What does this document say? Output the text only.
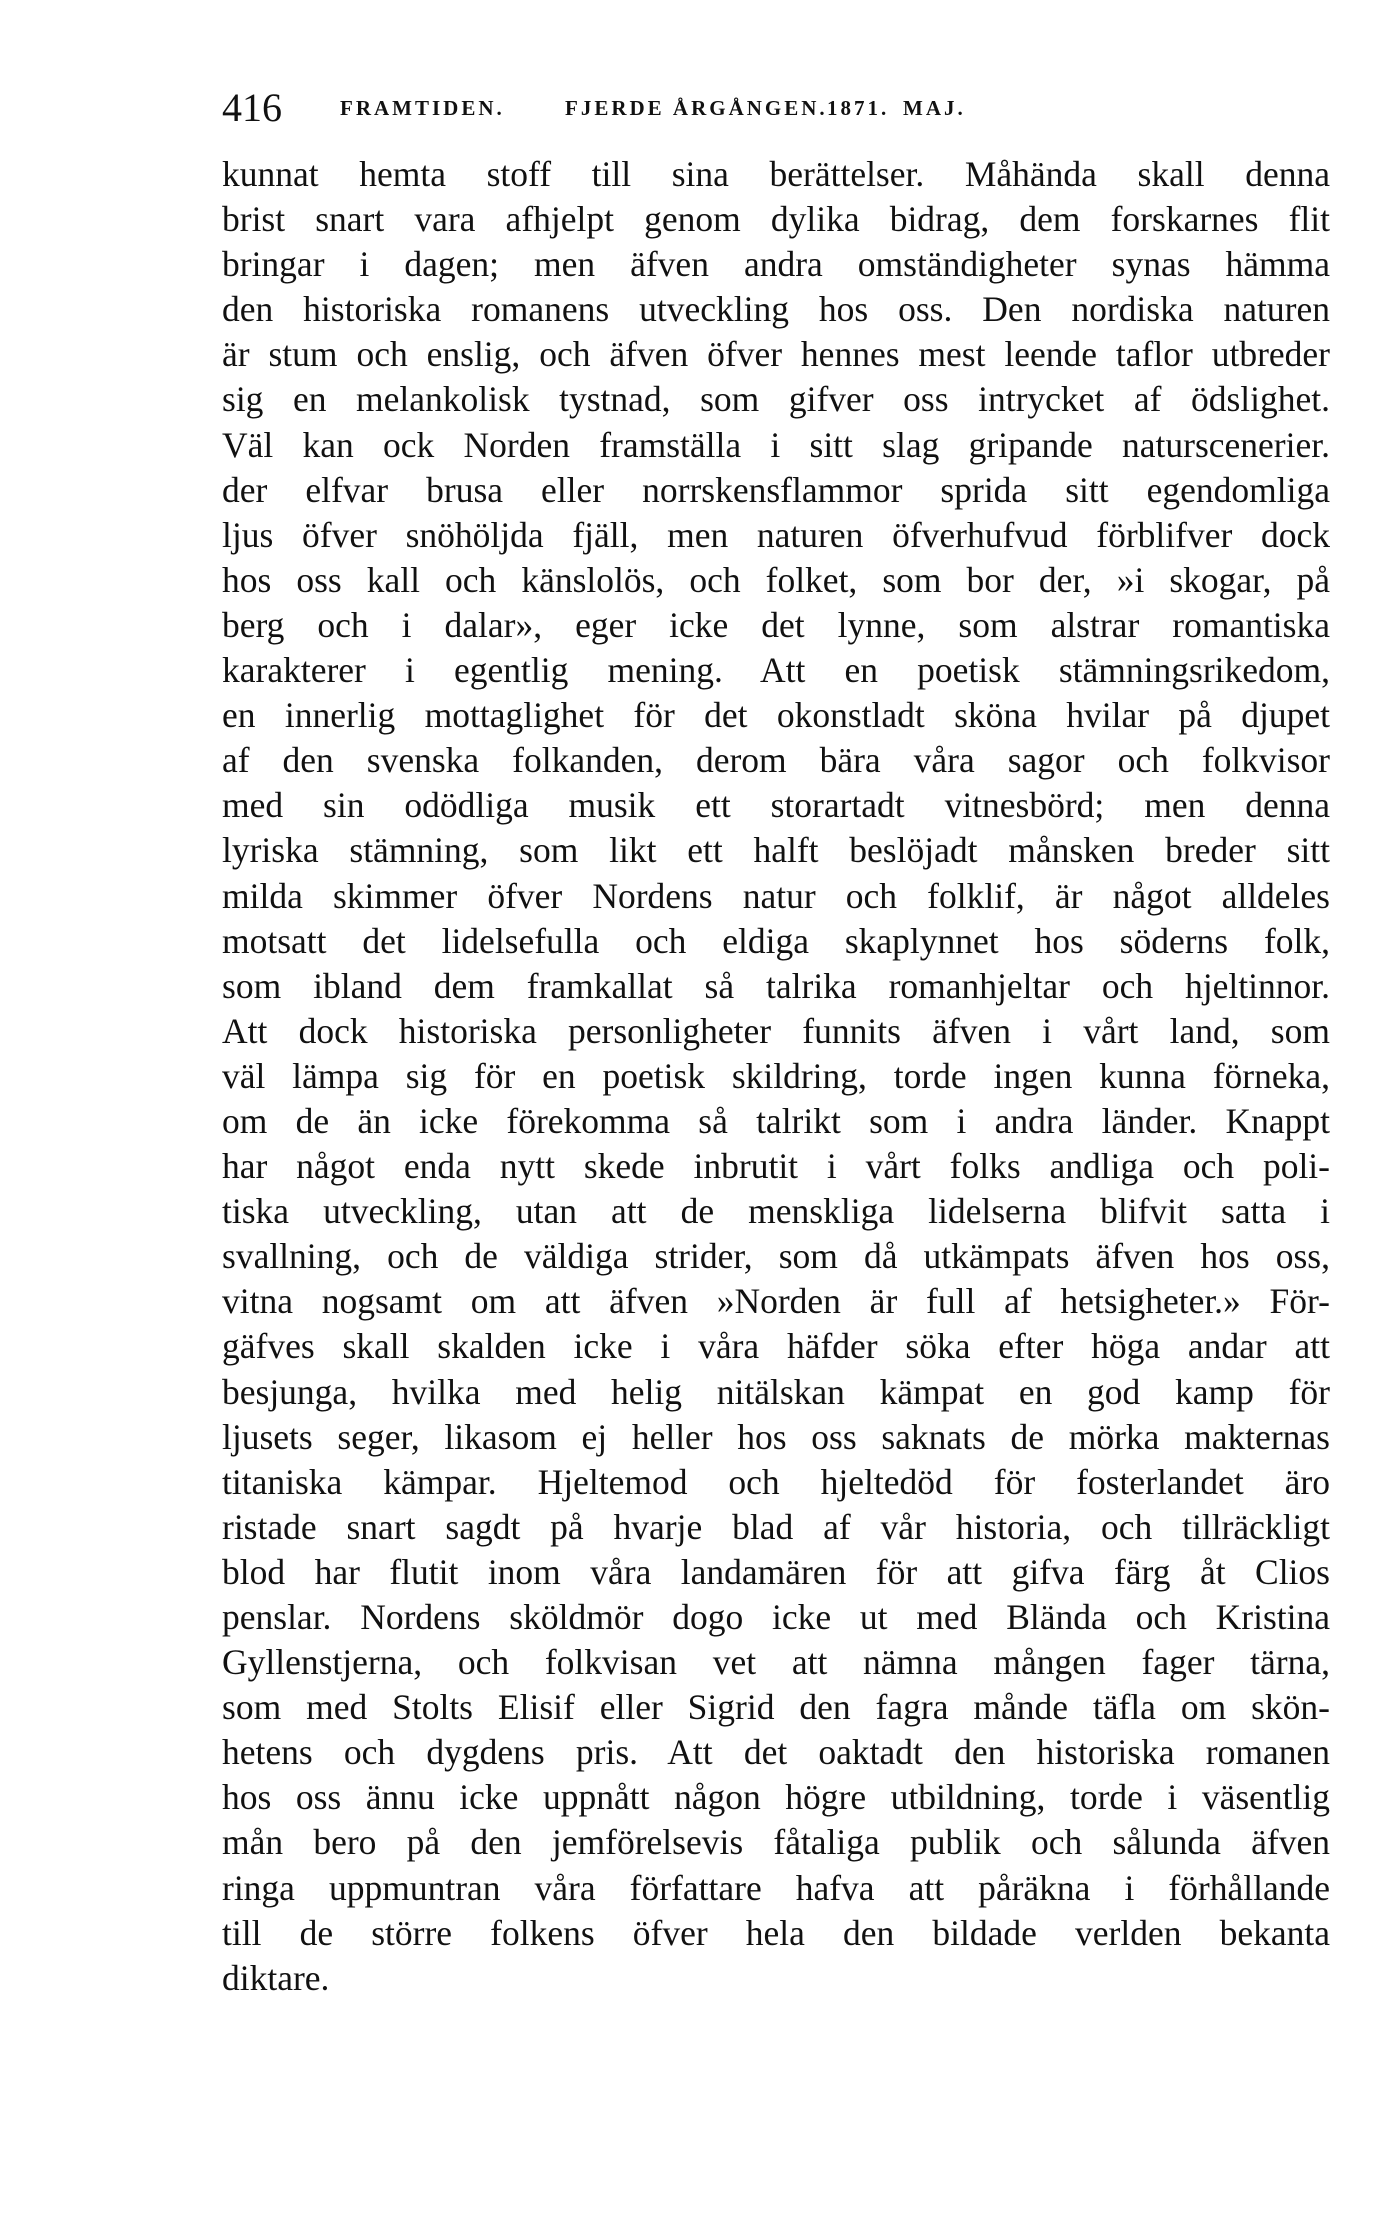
416	FRAMTIDEN.	FJERDE ÅRGÅNGEN. 1871. MAJ.
kunnat hemta stoff till sina berättelser. Måhända skall denna
brist snart vara afhjelpt genom dylika bidrag, dem forskarnes flit
bringar i dagen; men äfven andra omständigheter synas hämma
den historiska romanens utveckling hos oss. Den nordiska naturen
är stum och enslig, och äfven öfver hennes mest leende taflor utbreder
sig en melankolisk tystnad, som gifver oss intrycket af ödslighet.
Väl kan ock Norden framställa i sitt slag gripande naturscenerier.
der elfvar brusa eller norrskensflammor sprida sitt egendomliga
ljus öfver snöhöljda fjäll, men naturen öfverhufvud förblifver dock
hos oss kall och känslolös, och folket, som bor der, »i skogar, på
berg och i dalar», eger icke det lynne, som alstrar romantiska
karakterer i egentlig mening. Att en poetisk stämningsrikedom,
en innerlig mottaglighet för det okonstladt sköna hvilar på djupet
af den svenska folkanden, derom bära våra sagor och folkvisor
med sin odödliga musik ett storartadt vitnesbörd; men denna
lyriska stämning, som likt ett halft beslöjadt månsken breder sitt
milda skimmer öfver Nordens natur och folklif, är något alldeles
motsatt det lidelsefulla och eldiga skaplynnet hos söderns folk,
som ibland dem framkallat så talrika romanhjeltar och hjeltinnor.
Att dock historiska personligheter funnits äfven i vårt land, som
väl lämpa sig för en poetisk skildring, torde ingen kunna förneka,
om de än icke förekomma så talrikt som i andra länder. Knappt
har något enda nytt skede inbrutit i vårt folks andliga och poli-
tiska utveckling, utan att de menskliga lidelserna blifvit satta i
svallning, och de väldiga strider, som då utkämpats äfven hos oss,
vitna nogsamt om att äfven »Norden är full af hetsigheter.» För-
gäfves skall skalden icke i våra häfder söka efter höga andar att
besjunga, hvilka med helig nitälskan kämpat en god kamp för
ljusets seger, likasom ej heller hos oss saknats de mörka makternas
titaniska kämpar. Hjeltemod och hjeltedöd för fosterlandet äro
ristade snart sagdt på hvarje blad af vår historia, och tillräckligt
blod har flutit inom våra landamären för att gifva färg åt Clios
penslar. Nordens sköldmör dogo icke ut med Blända och Kristina
Gyllenstjerna, och folkvisan vet att nämna mången fager tärna,
som med Stolts Elisif eller Sigrid den fagra månde täfla om skön-
hetens och dygdens pris. Att det oaktadt den historiska romanen
hos oss ännu icke uppnått någon högre utbildning, torde i väsentlig
mån bero på den jemförelsevis fåtaliga publik och sålunda äfven
ringa uppmuntran våra författare hafva att påräkna i förhållande
till de större folkens öfver hela den bildade verlden bekanta
diktare.
